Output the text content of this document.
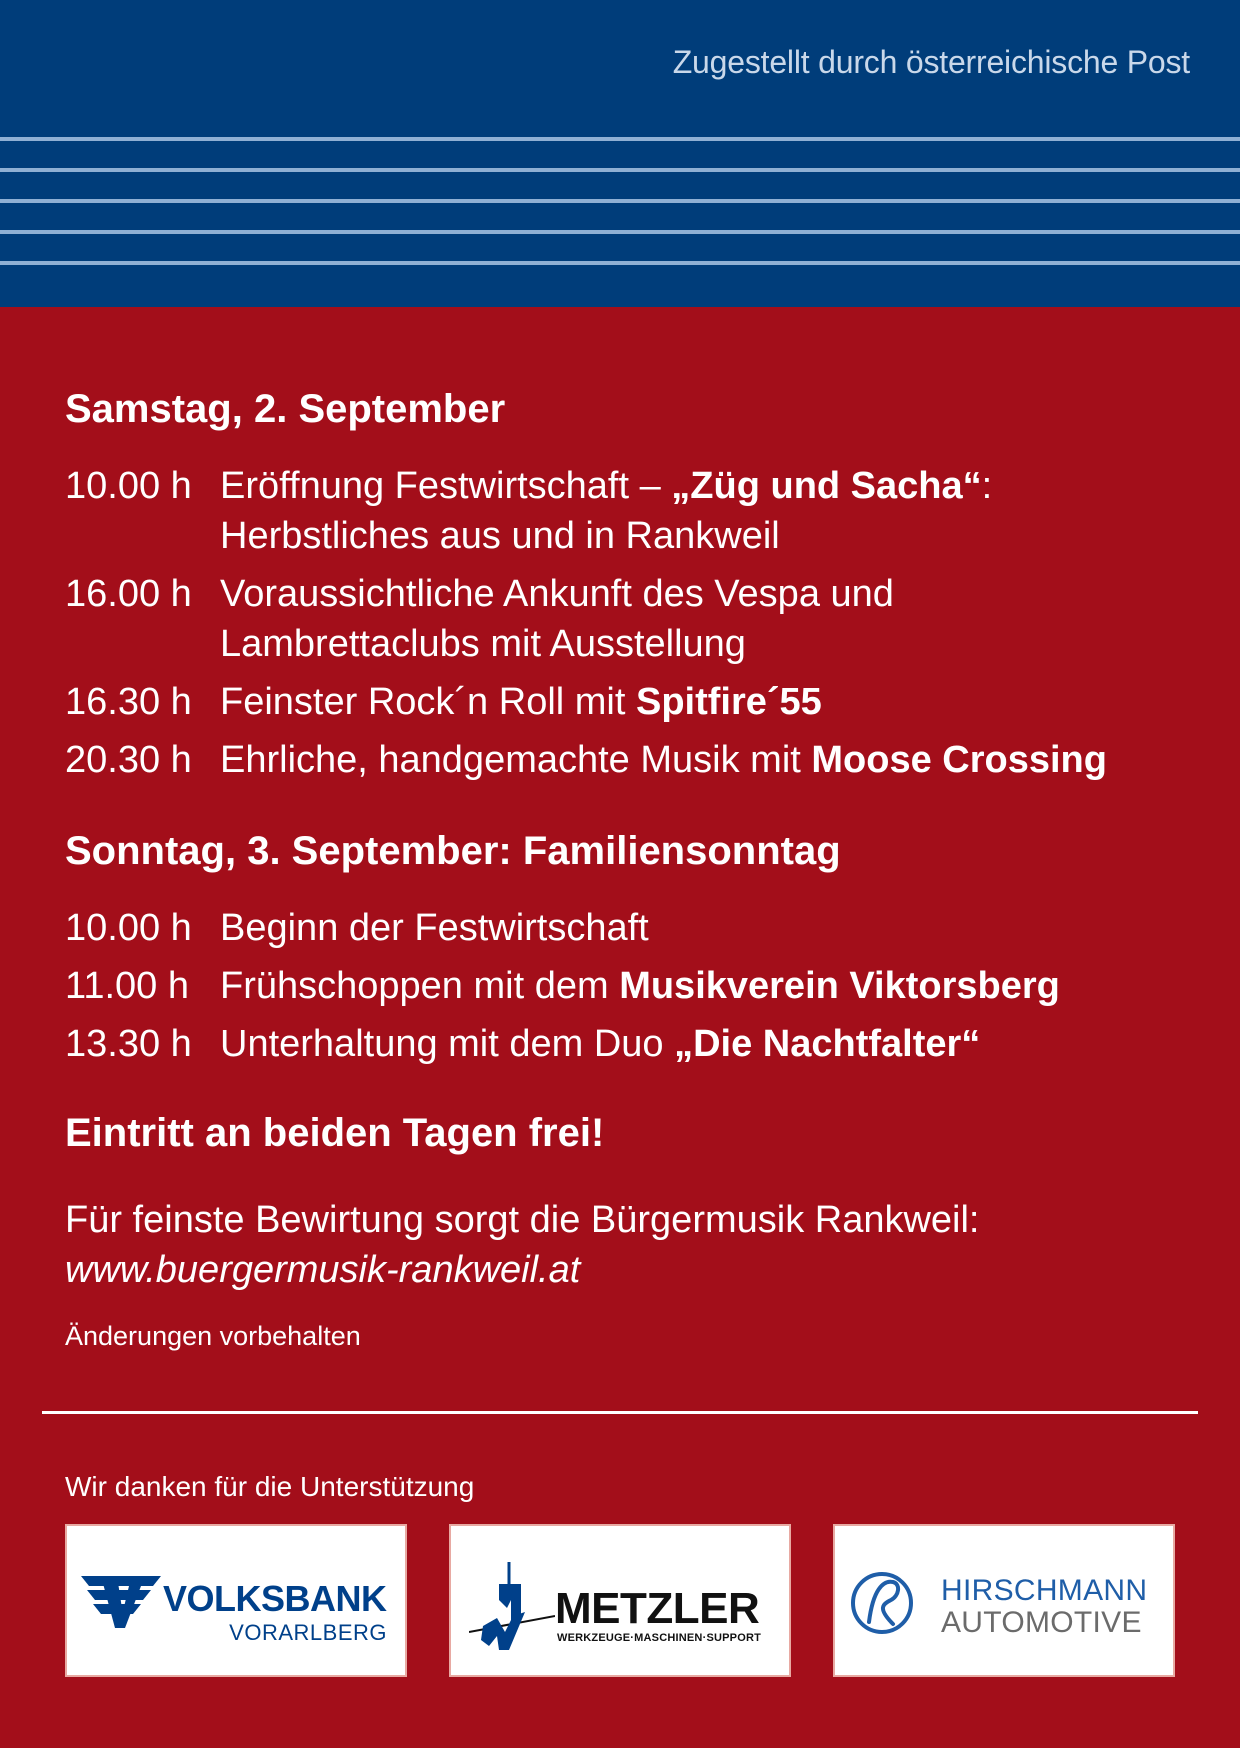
Zugestellt durch österreichische Post
Samstag, 2. September
10.00 h Eröffnung Festwirtschaft – „Züg und Sacha“:
Herbstliches aus und in Rankweil
16.00 h Voraussichtliche Ankunft des Vespa und
Lambrettaclubs mit Ausstellung
16.30 h Feinster Rock´n Roll mit Spitfire´55
20.30 h Ehrliche, handgemachte Musik mit Moose Crossing
Sonntag, 3. September: Familiensonntag
10.00 h Beginn der Festwirtschaft
11.00 h Frühschoppen mit dem Musikverein Viktorsberg
13.30 h Unterhaltung mit dem Duo „Die Nachtfalter“
Eintritt an beiden Tagen frei!
Für feinste Bewirtung sorgt die Bürgermusik Rankweil:
www.buergermusik-rankweil.at
Änderungen vorbehalten
Wir danken für die Unterstützung
VOLKSBANK
VORARLBERG	METZLER
WERKZEUGE·MASCHINEN·SUPPORT
HIRSCHMANN
AUTOMOTIVE
